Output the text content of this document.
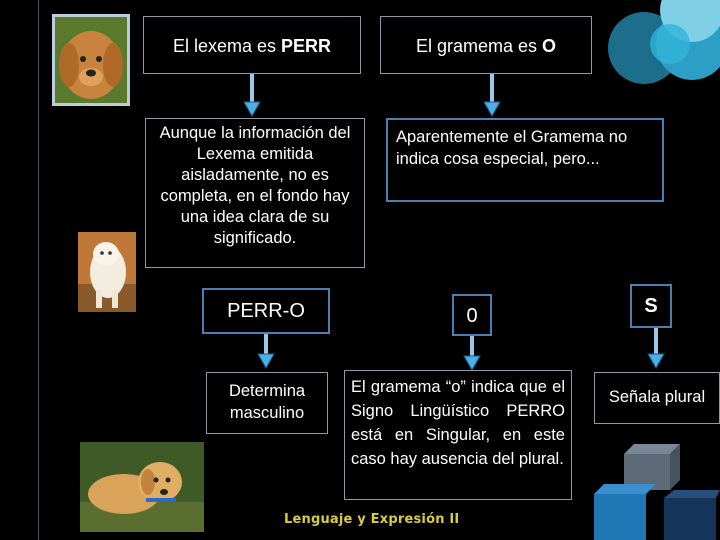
El lexema es PERR	El gramema es O
Aunque la información del Lexema emitida aisladamente, no es completa, en el fondo hay una idea clara de su significado.
Aparentemente el Gramema no indica cosa especial, pero...
PERR-O	0	S
Determina masculino
El gramema “o” indica que el Signo Lingüístico PERRO está en Singular, en este caso hay ausencia del plural.
Señala plural
Lenguaje y Expresión II
